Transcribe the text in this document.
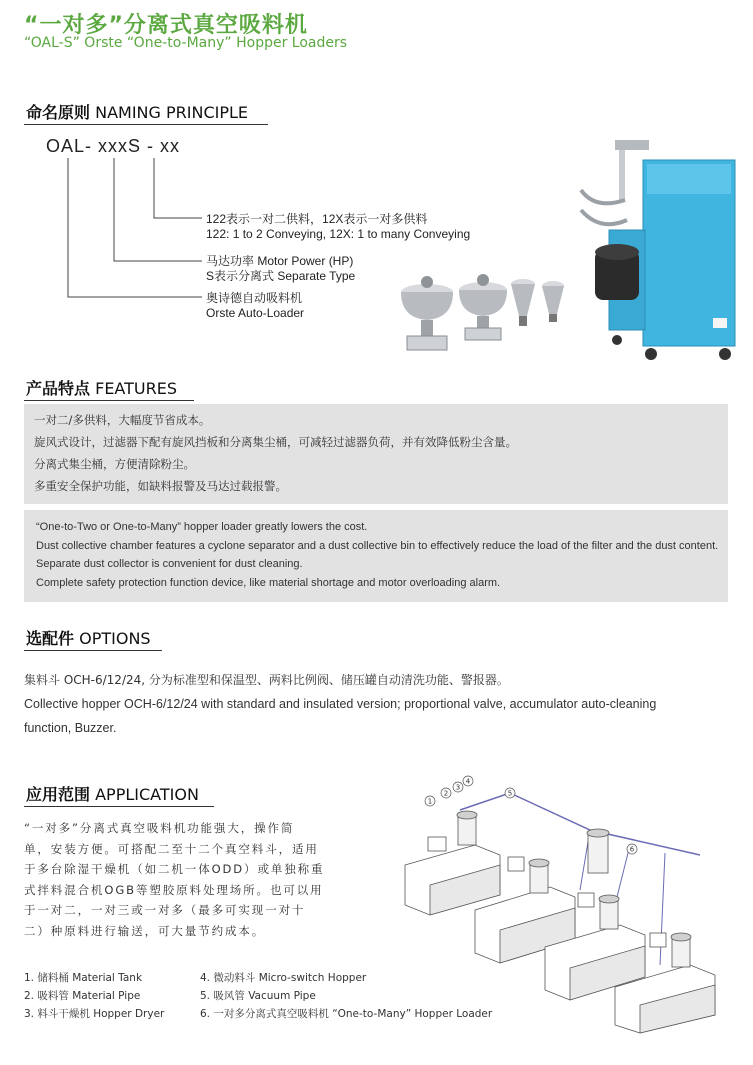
“一对多”分离式真空吸料机
“OAL-S” Orste “One-to-Many” Hopper Loaders
命名原则 NAMING PRINCIPLE
OAL- xxxS - xx
122表示一对二供料，12X表示一对多供料
122: 1 to 2 Conveying, 12X: 1 to many Conveying
马达功率 Motor Power (HP)
S表示分离式 Separate Type
奥诗德自动吸料机
Orste Auto-Loader
产品特点 FEATURES
一对二/多供料，大幅度节省成本。
旋风式设计，过滤器下配有旋风挡板和分离集尘桶，可减轻过滤器负荷，并有效降低粉尘含量。
分离式集尘桶，方便清除粉尘。
多重安全保护功能，如缺料报警及马达过载报警。
“One-to-Two or One-to-Many” hopper loader greatly lowers the cost.
Dust collective chamber features a cyclone separator and a dust collective bin to effectively reduce the load of the filter and the dust content.
Separate dust collector is convenient for dust cleaning.
Complete safety protection function device, like material shortage and motor overloading alarm.
选配件 OPTIONS
集料斗 OCH-6/12/24, 分为标准型和保温型、两料比例阀、储压罐自动清洗功能、警报器。
Collective hopper OCH-6/12/24 with standard and insulated version; proportional valve, accumulator auto-cleaning
function, Buzzer.
应用范围 APPLICATION
“一对多”分离式真空吸料机功能强大，操作简
单，安装方便。可搭配二至十二个真空料斗，适用
于多台除湿干燥机（如二机一体ODD）或单独称重
式拌料混合机OGB等塑胶原料处理场所。也可以用
于一对二，一对三或一对多（最多可实现一对十
二）种原料进行输送，可大量节约成本。
1
2
3
4
5
6
1. 储料桶 Material Tank	4. 微动料斗 Micro-switch Hopper
2. 吸料管 Material Pipe	5. 吸风管 Vacuum Pipe
3. 料斗干燥机 Hopper Dryer	6. 一对多分离式真空吸料机 “One-to-Many” Hopper Loader
